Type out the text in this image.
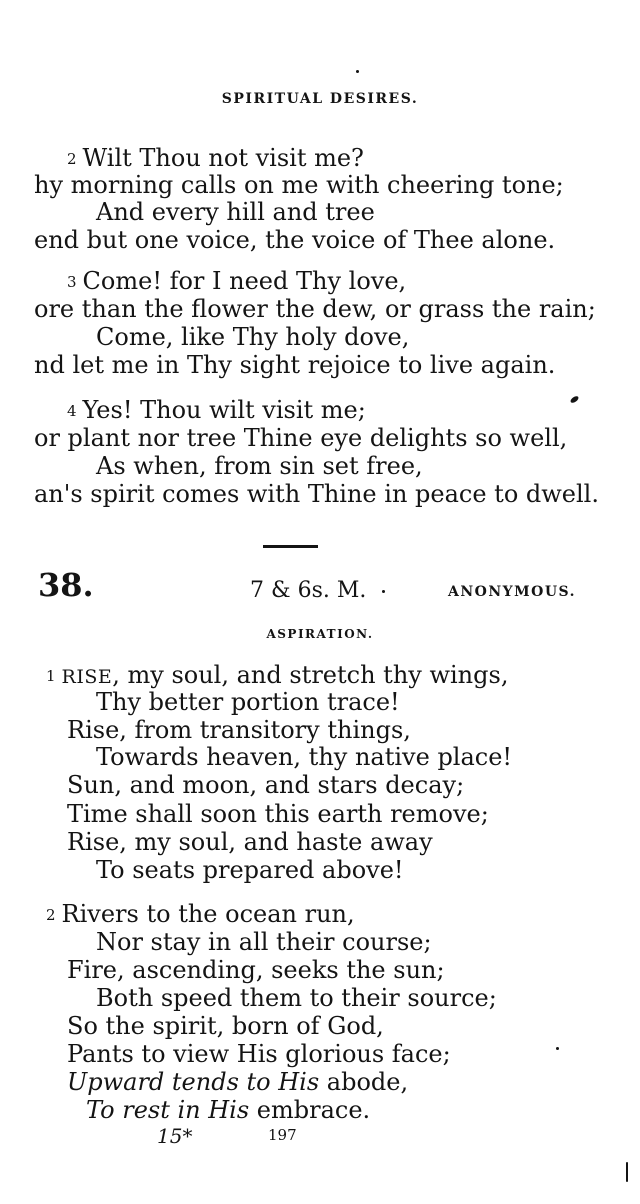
SPIRITUAL DESIRES.
2 Wilt Thou not visit me?
hy morning calls on me with cheering tone;
And every hill and tree
end but one voice, the voice of Thee alone.
3 Come! for I need Thy love,
ore than the flower the dew, or grass the rain;
Come, like Thy holy dove,
nd let me in Thy sight rejoice to live again.
4 Yes! Thou wilt visit me;
or plant nor tree Thine eye delights so well,
As when, from sin set free,
an's spirit comes with Thine in peace to dwell.
38.	7 & 6s. M.	ANONYMOUS.
ASPIRATION.
1 RISE, my soul, and stretch thy wings,
Thy better portion trace!
Rise, from transitory things,
Towards heaven, thy native place!
Sun, and moon, and stars decay;
Time shall soon this earth remove;
Rise, my soul, and haste away
To seats prepared above!
2 Rivers to the ocean run,
Nor stay in all their course;
Fire, ascending, seeks the sun;
Both speed them to their source;
So the spirit, born of God,
Pants to view His glorious face;
Upward tends to His abode,
To rest in His embrace.
15*	197
